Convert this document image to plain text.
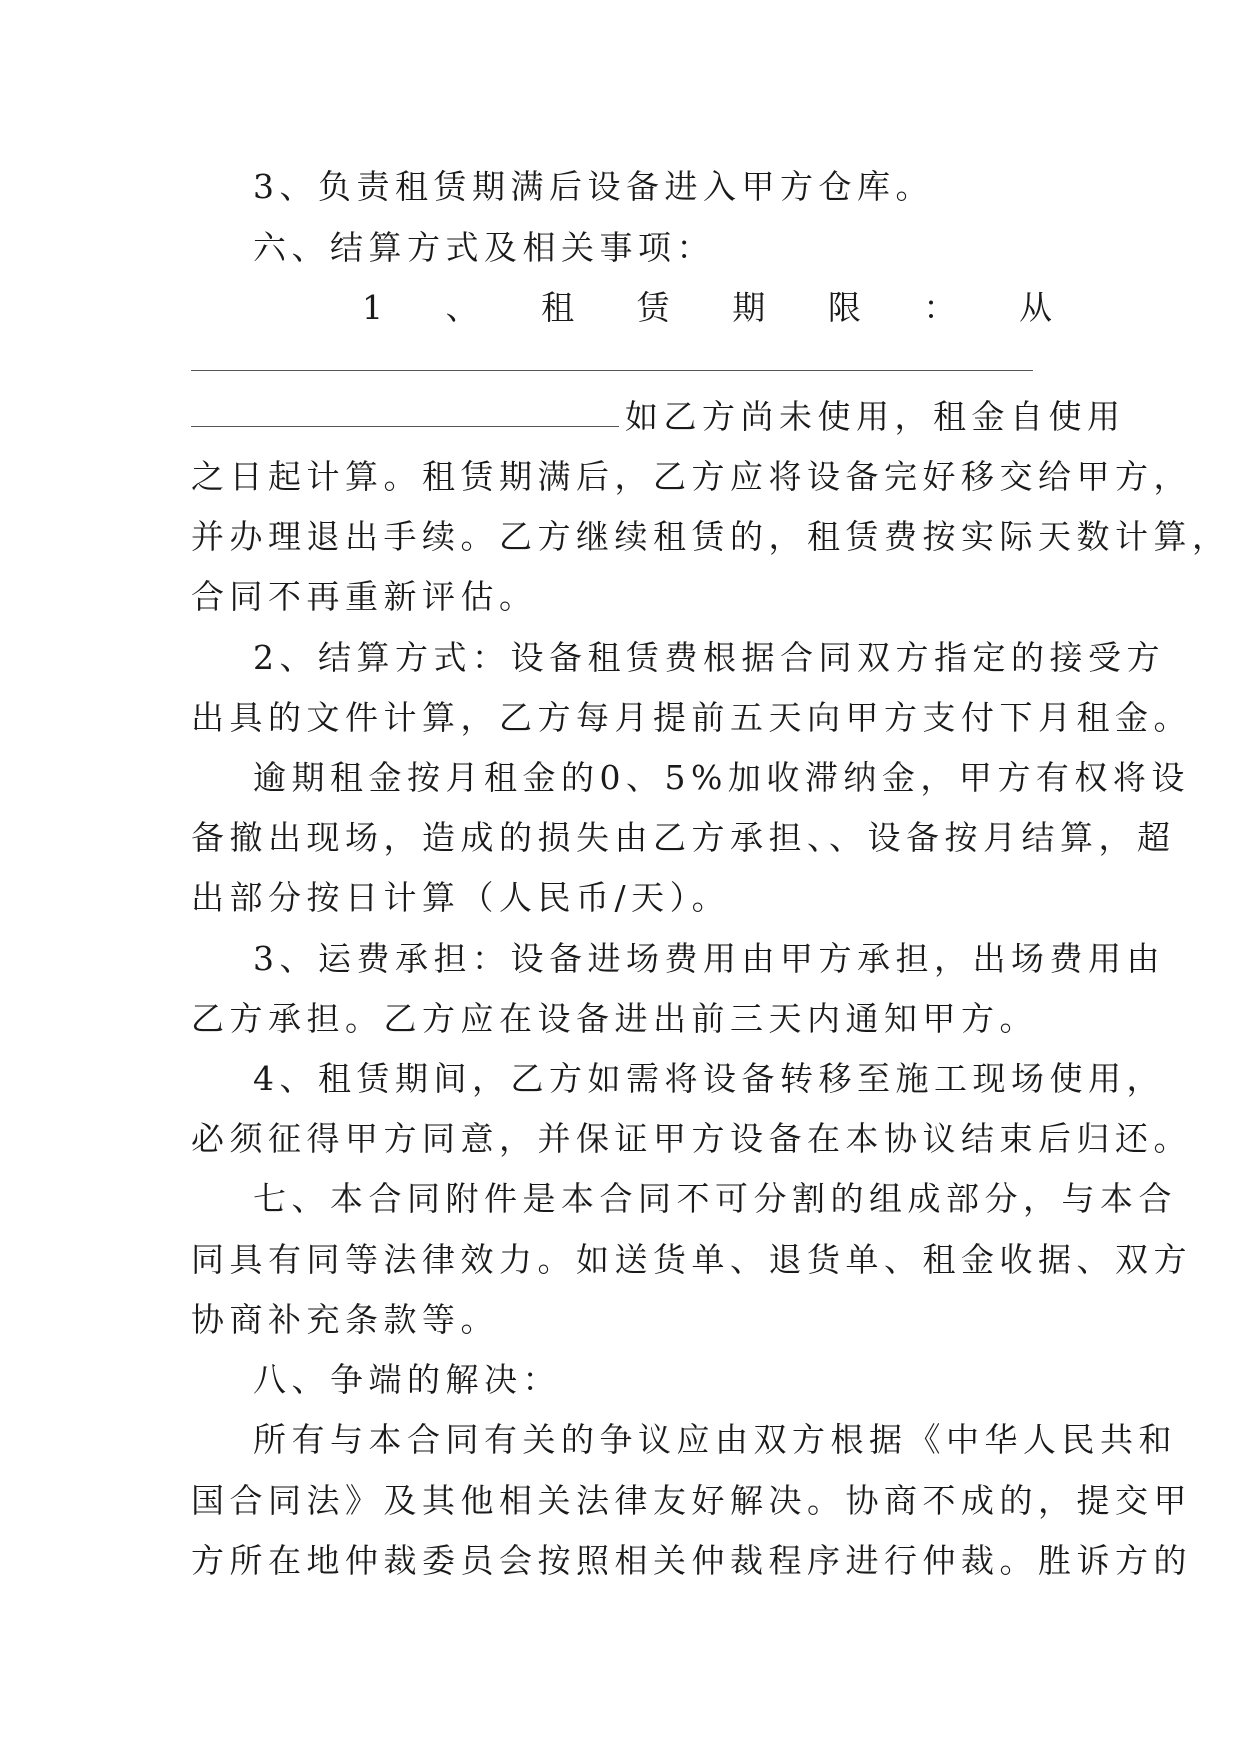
3、负责租赁期满后设备进入甲方仓库。
六、结算方式及相关事项：
1 、 租 赁 期 限 ： 从
如乙方尚未使用，租金自使用
之日起计算。租赁期满后，乙方应将设备完好移交给甲方，
并办理退出手续。乙方继续租赁的，租赁费按实际天数计算，
合同不再重新评估。
2、结算方式：设备租赁费根据合同双方指定的接受方
出具的文件计算，乙方每月提前五天向甲方支付下月租金。
逾期租金按月租金的0、5%加收滞纳金，甲方有权将设
备撤出现场，造成的损失由乙方承担、、设备按月结算，超
出部分按日计算（人民币/天）。
3、运费承担：设备进场费用由甲方承担，出场费用由
乙方承担。乙方应在设备进出前三天内通知甲方。
4、租赁期间，乙方如需将设备转移至施工现场使用，
必须征得甲方同意，并保证甲方设备在本协议结束后归还。
七、本合同附件是本合同不可分割的组成部分，与本合
同具有同等法律效力。如送货单、退货单、租金收据、双方
协商补充条款等。
八、争端的解决：
所有与本合同有关的争议应由双方根据《中华人民共和
国合同法》及其他相关法律友好解决。协商不成的，提交甲
方所在地仲裁委员会按照相关仲裁程序进行仲裁。胜诉方的
